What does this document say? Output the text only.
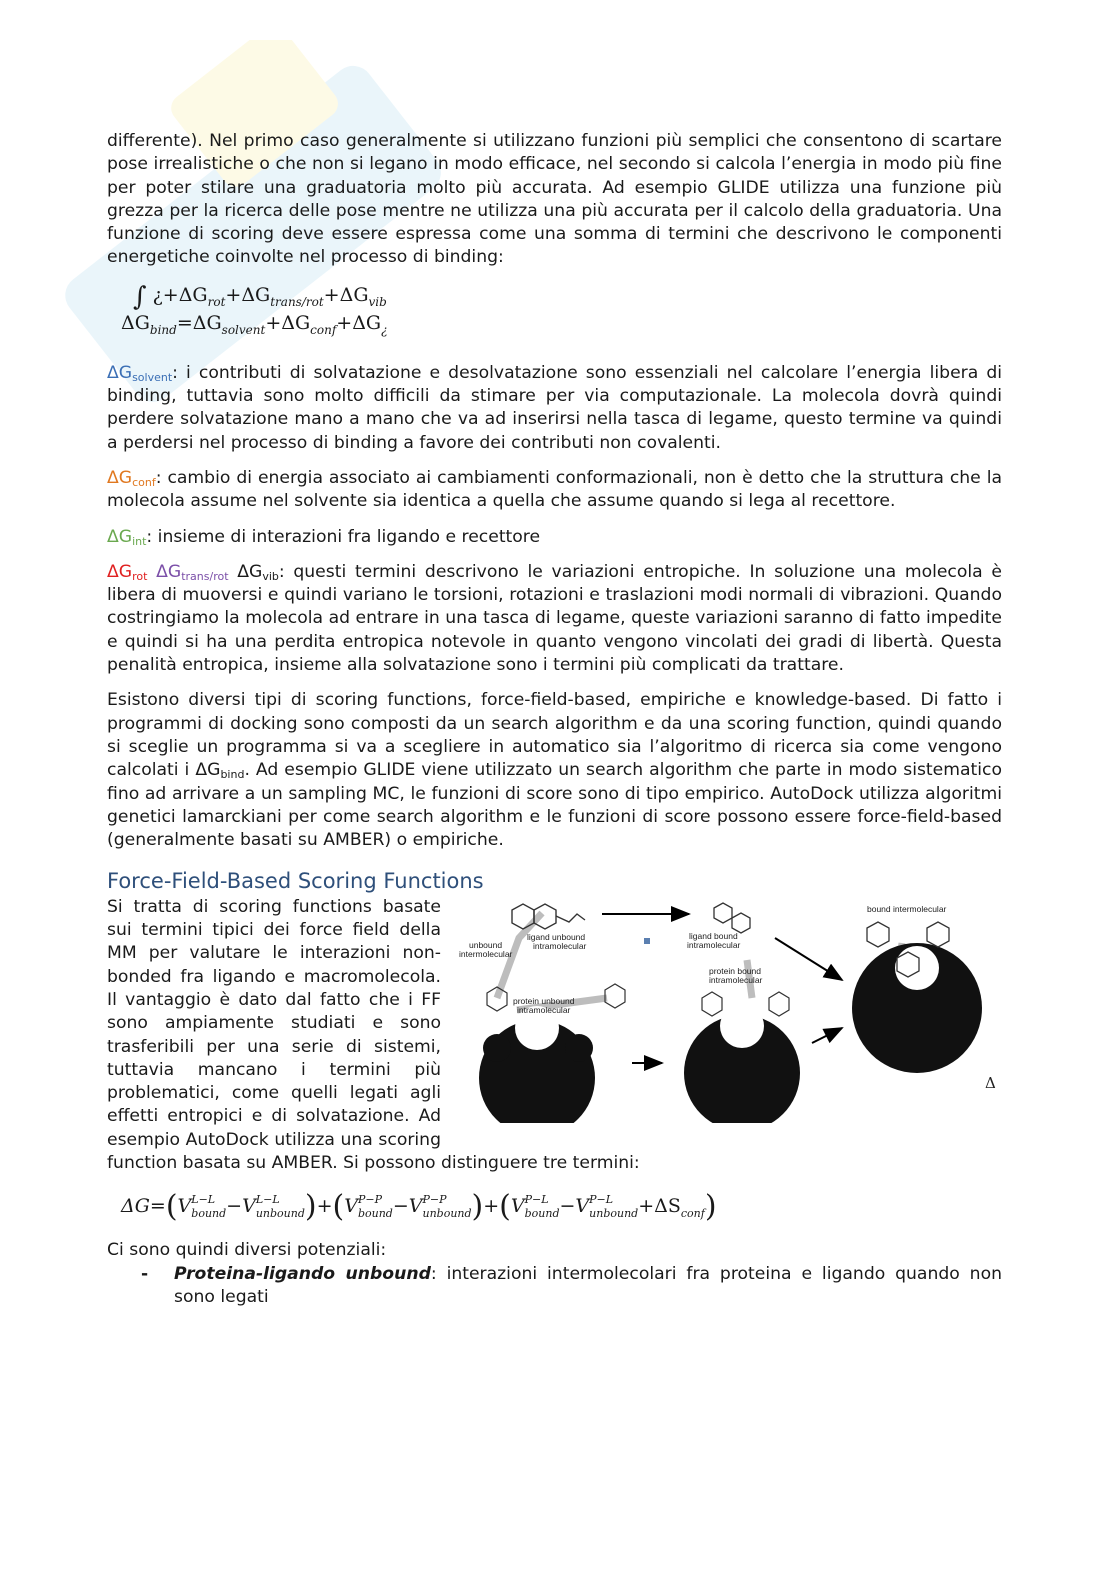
differente). Nel primo caso generalmente si utilizzano funzioni più semplici che consentono di scartare pose irrealistiche o che non si legano in modo efficace, nel secondo si calcola l’energia in modo più fine per poter stilare una graduatoria molto più accurata. Ad esempio GLIDE utilizza una funzione più grezza per la ricerca delle pose mentre ne utilizza una più accurata per il calcolo della graduatoria. Una funzione di scoring deve essere espressa come una somma di termini che descrivono le componenti energetiche coinvolte nel processo di binding:

∫ ¿$+\Delta G_{rot}+\Delta G_{trans/rot}+\Delta G_{vib}$
$\Delta G_{bind}=\Delta G_{solvent}+\Delta G_{conf}+\Delta G_¿$

$\Delta G_{solvent}$: i contributi di solvatazione e desolvatazione sono essenziali nel calcolare l’energia libera di binding, tuttavia sono molto difficili da stimare per via computazionale. La molecola dovrà quindi perdere solvatazione mano a mano che va ad inserirsi nella tasca di legame, questo termine va quindi a perdersi nel processo di binding a favore dei contributi non covalenti.

$\Delta G_{conf}$: cambio di energia associato ai cambiamenti conformazionali, non è detto che la struttura che la molecola assume nel solvente sia identica a quella che assume quando si lega al recettore.

$\Delta G_{int}$: insieme di interazioni fra ligando e recettore

$\Delta G_{rot}$ $\Delta G_{trans/rot}$ $\Delta G_{vib}$: questi termini descrivono le variazioni entropiche. In soluzione una molecola è libera di muoversi e quindi variano le torsioni, rotazioni e traslazioni modi normali di vibrazioni. Quando costringiamo la molecola ad entrare in una tasca di legame, queste variazioni saranno di fatto impedite e quindi si ha una perdita entropica notevole in quanto vengono vincolati dei gradi di libertà. Questa penalità entropica, insieme alla solvatazione sono i termini più complicati da trattare.

Esistono diversi tipi di scoring functions, force-field-based, empiriche e knowledge-based. Di fatto i programmi di docking sono composti da un search algorithm e da una scoring function, quindi quando si sceglie un programma si va a scegliere in automatico sia l’algoritmo di ricerca sia come vengono calcolati i $\Delta G_{bind}$. Ad esempio GLIDE viene utilizzato un search algorithm che parte in modo sistematico fino ad arrivare a un sampling MC, le funzioni di score sono di tipo empirico. AutoDock utilizza algoritmi genetici lamarckiani per come search algorithm e le funzioni di score possono essere force-field-based (generalmente basati su AMBER) o empiriche.

Force-Field-Based Scoring Functions
ligand unbound
intramolecular
unbound
intermolecular
protein unbound
intramolecular
ligand bound
intramolecular
protein bound
intramolecular
bound intermolecular
Δ

Si tratta di scoring functions basate sui termini tipici dei force field della MM per valutare le interazioni non-bonded fra ligando e macromolecola. Il vantaggio è dato dal fatto che i FF sono ampiamente studiati e sono trasferibili per una serie di sistemi, tuttavia mancano i termini più problematici, come quelli legati agli effetti entropici e di solvatazione. Ad esempio AutoDock utilizza una scoring function basata su AMBER. Si possono distinguere tre termini:

ΔG=(V L−L
bound −V L−L
unbound )+(V P−P
bound −V P−P
unbound )+(V P−L
bound −V P−L
unbound +ΔS
conf )

Ci sono quindi diversi potenziali:

- Proteina-ligando unbound: interazioni intermolecolari fra proteina e ligando quando non sono legati
